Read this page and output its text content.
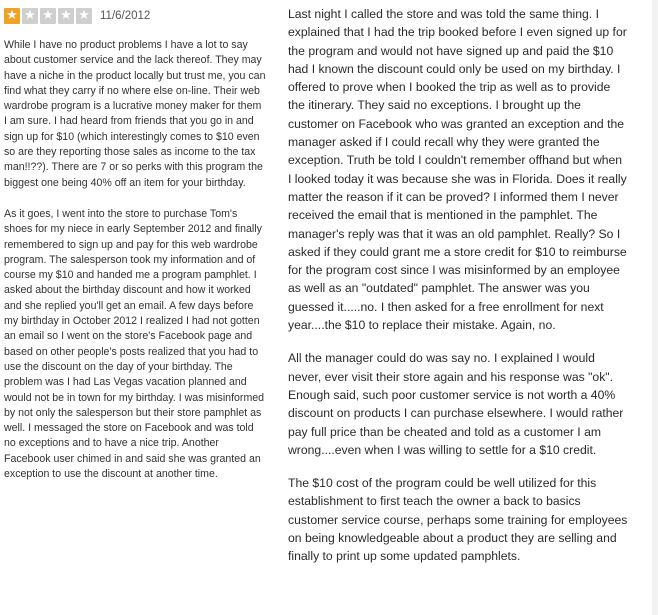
★ ★ ★ ★ ★ 11/6/2012

While I have no product problems I have a lot to say about customer service and the lack thereof. They may have a niche in the product locally but trust me, you can find what they carry if no where else on-line. Their web wardrobe program is a lucrative money maker for them I am sure. I had heard from friends that you go in and sign up for $10 (which interestingly comes to $10 even so are they reporting those sales as income to the tax man!!??). There are 7 or so perks with this program the biggest one being 40% off an item for your birthday.

As it goes, I went into the store to purchase Tom's shoes for my niece in early September 2012 and finally remembered to sign up and pay for this web wardrobe program. The salesperson took my information and of course my $10 and handed me a program pamphlet. I asked about the birthday discount and how it worked and she replied you'll get an email. A few days before my birthday in October 2012 I realized I had not gotten an email so I went on the store's Facebook page and based on other people's posts realized that you had to use the discount on the day of your birthday. The problem was I had Las Vegas vacation planned and would not be in town for my birthday. I was misinformed by not only the salesperson but their store pamphlet as well. I messaged the store on Facebook and was told no exceptions and to have a nice trip. Another Facebook user chimed in and said she was granted an exception to use the discount at another time.

Last night I called the store and was told the same thing. I explained that I had the trip booked before I even signed up for the program and would not have signed up and paid the $10 had I known the discount could only be used on my birthday. I offered to prove when I booked the trip as well as to provide the itinerary. They said no exceptions. I brought up the customer on Facebook who was granted an exception and the manager asked if I could recall why they were granted the exception. Truth be told I couldn't remember offhand but when I looked today it was because she was in Florida. Does it really matter the reason if it can be proved? I informed them I never received the email that is mentioned in the pamphlet. The manager's reply was that it was an old pamphlet. Really? So I asked if they could grant me a store credit for $10 to reimburse for the program cost since I was misinformed by an employee as well as an "outdated" pamphlet. The answer was you guessed it.....no. I then asked for a free enrollment for next year....the $10 to replace their mistake. Again, no.

All the manager could do was say no. I explained I would never, ever visit their store again and his response was "ok". Enough said, such poor customer service is not worth a 40% discount on products I can purchase elsewhere. I would rather pay full price than be cheated and told as a customer I am wrong....even when I was willing to settle for a $10 credit.

The $10 cost of the program could be well utilized for this establishment to first teach the owner a back to basics customer service course, perhaps some training for employees on being knowledgeable about a product they are selling and finally to print up some updated pamphlets.
